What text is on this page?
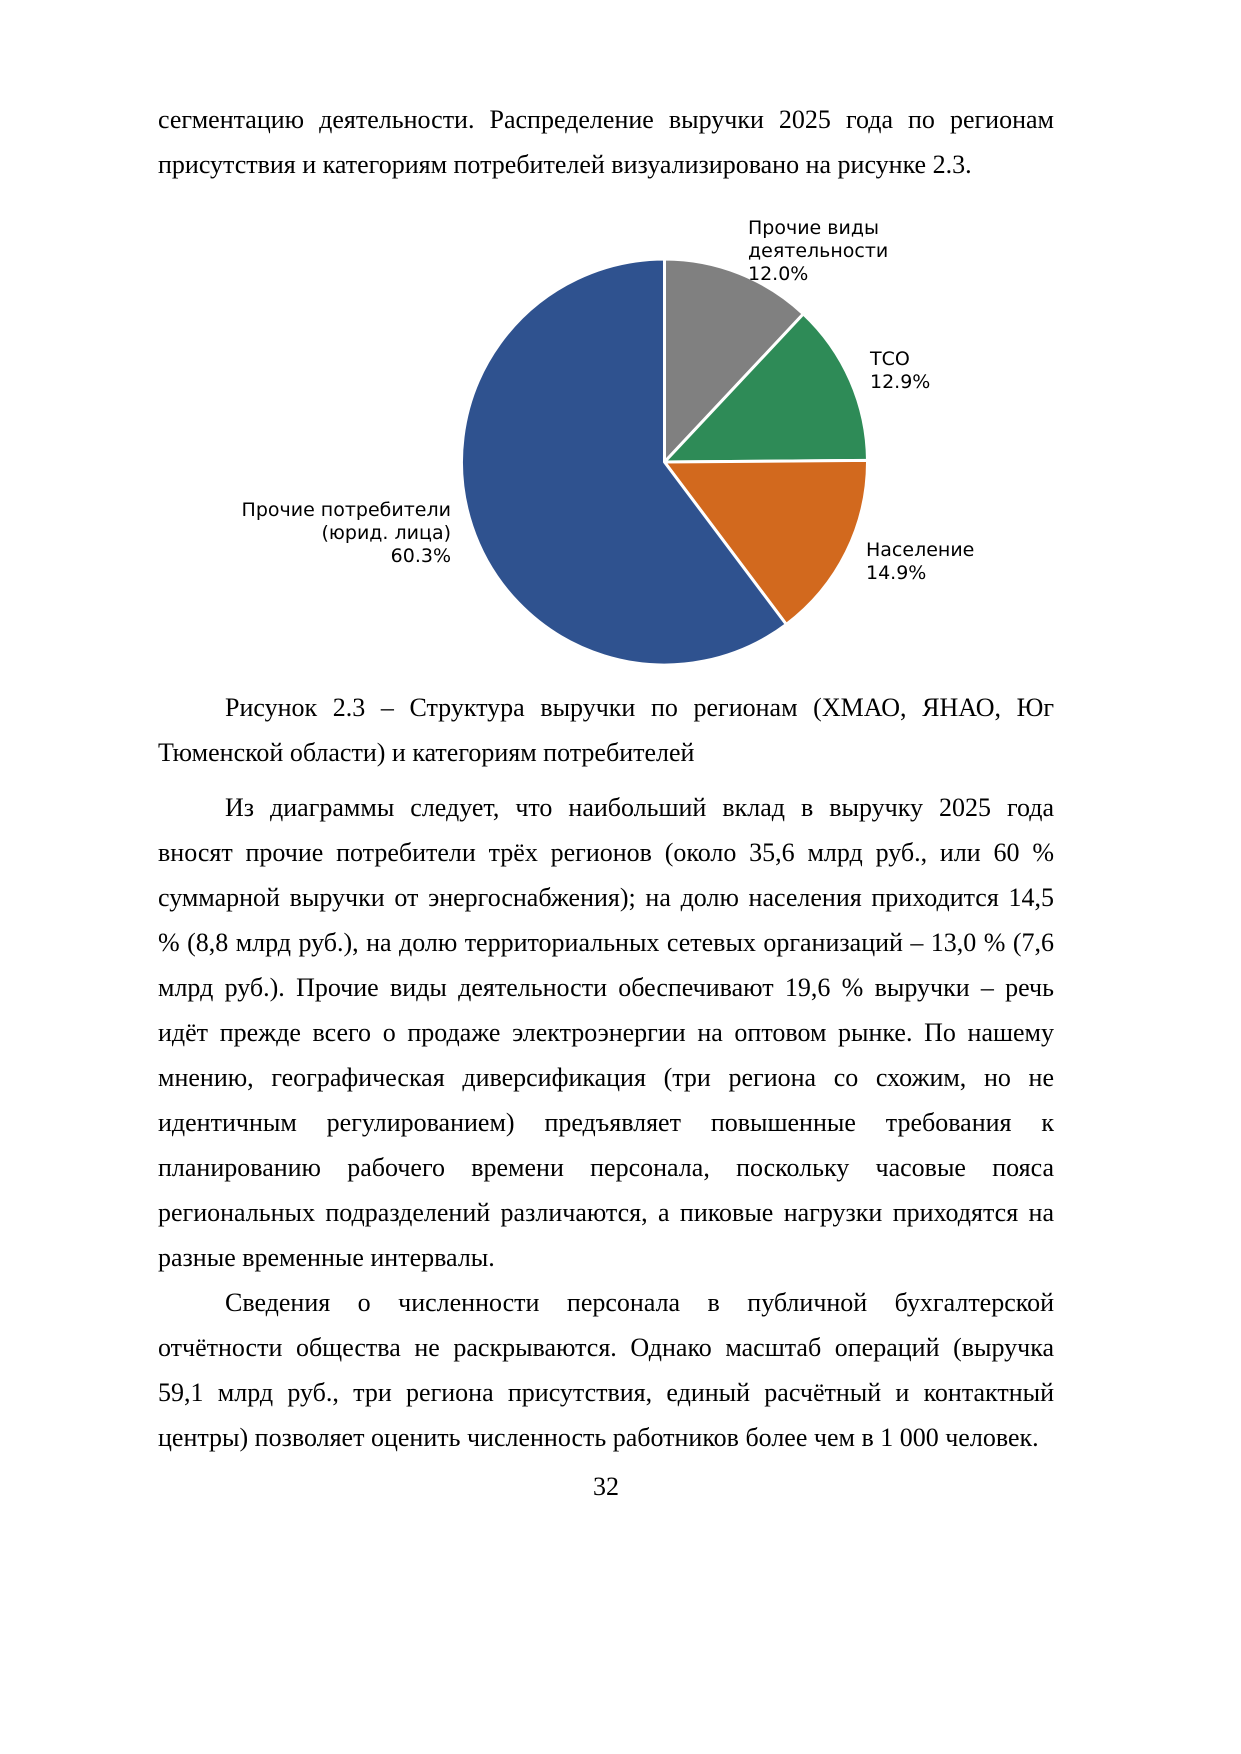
сегментацию деятельности. Распределение выручки 2025 года по регионам
присутствия и категориям потребителей визуализировано на рисунке 2.3.
Прочие виды
деятельности
12.0%
ТСО
12.9%
Население
14.9%
Прочие потребители
(юрид. лица)
60.3%
Рисунок 2.3 – Структура выручки по регионам (ХМАО, ЯНАО, Юг
Тюменской области) и категориям потребителей
Из диаграммы следует, что наибольший вклад в выручку 2025 года
вносят прочие потребители трёх регионов (около 35,6 млрд руб., или 60 %
суммарной выручки от энергоснабжения); на долю населения приходится 14,5
% (8,8 млрд руб.), на долю территориальных сетевых организаций – 13,0 % (7,6
млрд руб.). Прочие виды деятельности обеспечивают 19,6 % выручки – речь
идёт прежде всего о продаже электроэнергии на оптовом рынке. По нашему
мнению, географическая диверсификация (три региона со схожим, но не
идентичным регулированием) предъявляет повышенные требования к
планированию рабочего времени персонала, поскольку часовые пояса
региональных подразделений различаются, а пиковые нагрузки приходятся на
разные временные интервалы.
Сведения о численности персонала в публичной бухгалтерской
отчётности общества не раскрываются. Однако масштаб операций (выручка
59,1 млрд руб., три региона присутствия, единый расчётный и контактный
центры) позволяет оценить численность работников более чем в 1 000 человек.
32
